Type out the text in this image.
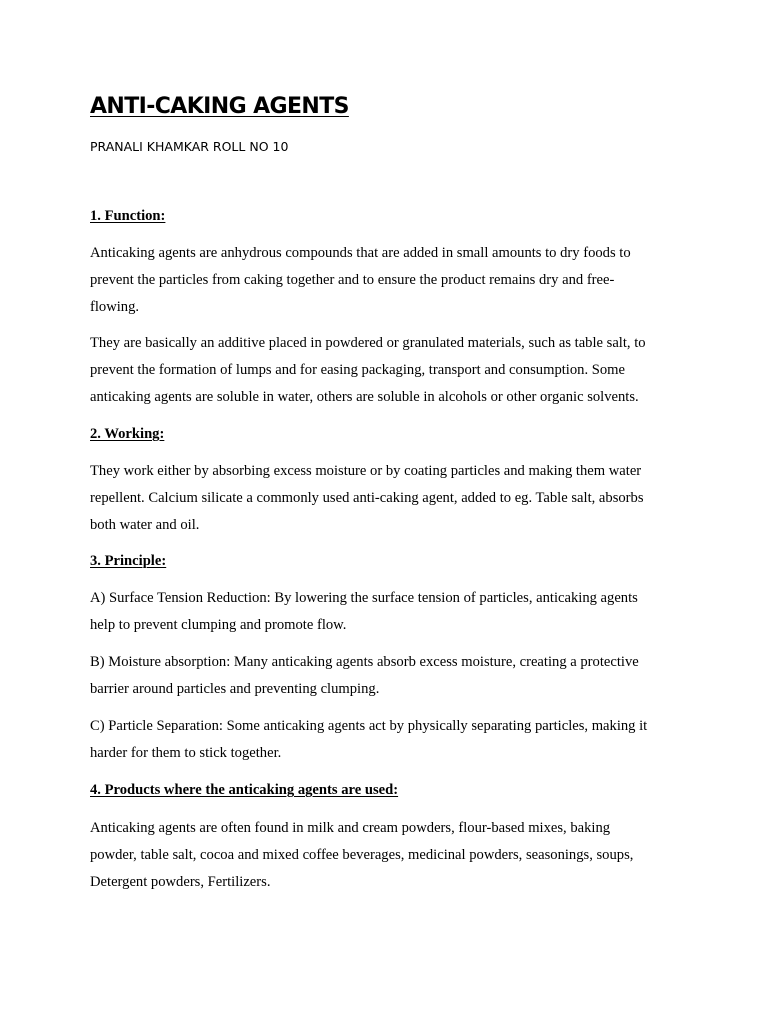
ANTI-CAKING AGENTS

PRANALI KHAMKAR ROLL NO 10

1. Function:

Anticaking agents are anhydrous compounds that are added in small amounts to dry foods to
prevent the particles from caking together and to ensure the product remains dry and free-
flowing.

They are basically an additive placed in powdered or granulated materials, such as table salt, to
prevent the formation of lumps and for easing packaging, transport and consumption. Some
anticaking agents are soluble in water, others are soluble in alcohols or other organic solvents.

2. Working:

They work either by absorbing excess moisture or by coating particles and making them water
repellent. Calcium silicate a commonly used anti-caking agent, added to eg. Table salt, absorbs
both water and oil.

3. Principle:

A) Surface Tension Reduction: By lowering the surface tension of particles, anticaking agents
help to prevent clumping and promote flow.

B) Moisture absorption: Many anticaking agents absorb excess moisture, creating a protective
barrier around particles and preventing clumping.

C) Particle Separation: Some anticaking agents act by physically separating particles, making it
harder for them to stick together.

4. Products where the anticaking agents are used:

Anticaking agents are often found in milk and cream powders, flour-based mixes, baking
powder, table salt, cocoa and mixed coffee beverages, medicinal powders, seasonings, soups,
Detergent powders, Fertilizers.
